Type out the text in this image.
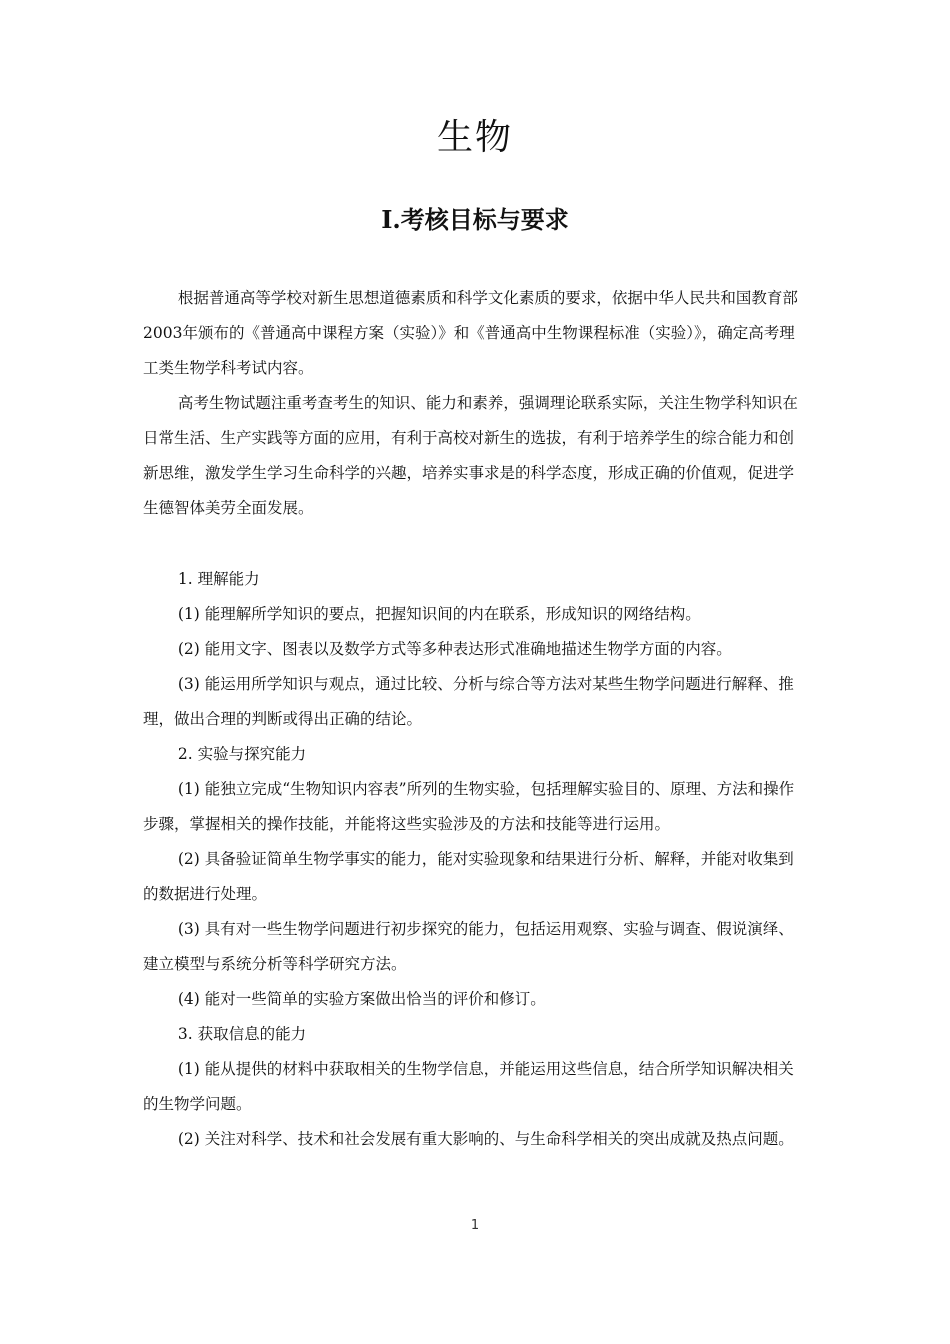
生物
Ⅰ.考核目标与要求

根据普通高等学校对新生思想道德素质和科学文化素质的要求，依据中华人民共和国教育部2003年颁布的《普通高中课程方案（实验）》和《普通高中生物课程标准（实验）》，确定高考理工类生物学科考试内容。

高考生物试题注重考查考生的知识、能力和素养，强调理论联系实际，关注生物学科知识在日常生活、生产实践等方面的应用，有利于高校对新生的选拔，有利于培养学生的综合能力和创新思维，激发学生学习生命科学的兴趣，培养实事求是的科学态度，形成正确的价值观，促进学生德智体美劳全面发展。

1. 理解能力

(1) 能理解所学知识的要点，把握知识间的内在联系，形成知识的网络结构。

(2) 能用文字、图表以及数学方式等多种表达形式准确地描述生物学方面的内容。

(3) 能运用所学知识与观点，通过比较、分析与综合等方法对某些生物学问题进行解释、推理，做出合理的判断或得出正确的结论。

2. 实验与探究能力

(1) 能独立完成“生物知识内容表”所列的生物实验，包括理解实验目的、原理、方法和操作步骤，掌握相关的操作技能，并能将这些实验涉及的方法和技能等进行运用。

(2) 具备验证简单生物学事实的能力，能对实验现象和结果进行分析、解释，并能对收集到的数据进行处理。

(3) 具有对一些生物学问题进行初步探究的能力，包括运用观察、实验与调查、假说演绎、建立模型与系统分析等科学研究方法。

(4) 能对一些简单的实验方案做出恰当的评价和修订。

3. 获取信息的能力

(1) 能从提供的材料中获取相关的生物学信息，并能运用这些信息，结合所学知识解决相关的生物学问题。

(2) 关注对科学、技术和社会发展有重大影响的、与生命科学相关的突出成就及热点问题。

1
